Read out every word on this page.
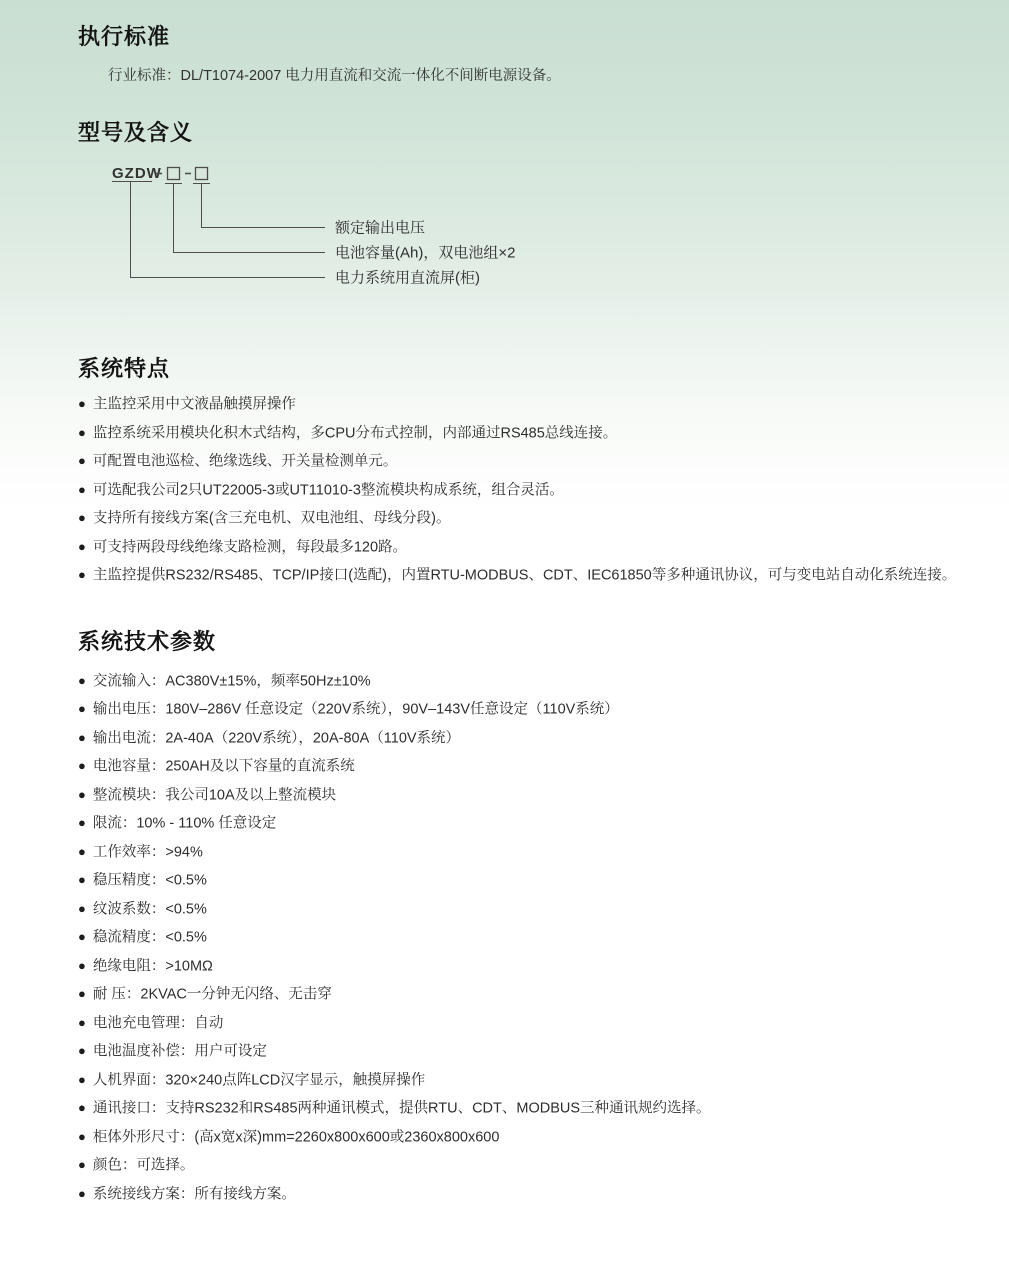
执行标准

行业标准：DL/T1074-2007 电力用直流和交流一体化不间断电源设备。

型号及含义
GZDW
额定输出电压
电池容量(Ah)，双电池组×2
电力系统用直流屏(柜)
系统特点
● 主监控采用中文液晶触摸屏操作
● 监控系统采用模块化积木式结构，多CPU分布式控制，内部通过RS485总线连接。
● 可配置电池巡检、绝缘选线、开关量检测单元。
● 可选配我公司2只UT22005-3或UT11010-3整流模块构成系统，组合灵活。
● 支持所有接线方案(含三充电机、双电池组、母线分段)。
● 可支持两段母线绝缘支路检测，每段最多120路。
● 主监控提供RS232/RS485、TCP/IP接口(选配)，内置RTU-MODBUS、CDT、IEC61850等多种通讯协议，可与变电站自动化系统连接。
系统技术参数
● 交流输入：AC380V±15%，频率50Hz±10%
● 输出电压：180V–286V 任意设定（220V系统），90V–143V任意设定（110V系统）
● 输出电流：2A-40A（220V系统），20A-80A（110V系统）
● 电池容量：250AH及以下容量的直流系统
● 整流模块：我公司10A及以上整流模块
● 限流：10% - 110% 任意设定
● 工作效率：>94%
● 稳压精度：<0.5%
● 纹波系数：<0.5%
● 稳流精度：<0.5%
● 绝缘电阻：>10MΩ
● 耐 压：2KVAC一分钟无闪络、无击穿
● 电池充电管理：自动
● 电池温度补偿：用户可设定
● 人机界面：320×240点阵LCD汉字显示，触摸屏操作
● 通讯接口：支持RS232和RS485两种通讯模式，提供RTU、CDT、MODBUS三种通讯规约选择。
● 柜体外形尺寸：(高x宽x深)mm=2260x800x600或2360x800x600
● 颜色：可选择。
● 系统接线方案：所有接线方案。
